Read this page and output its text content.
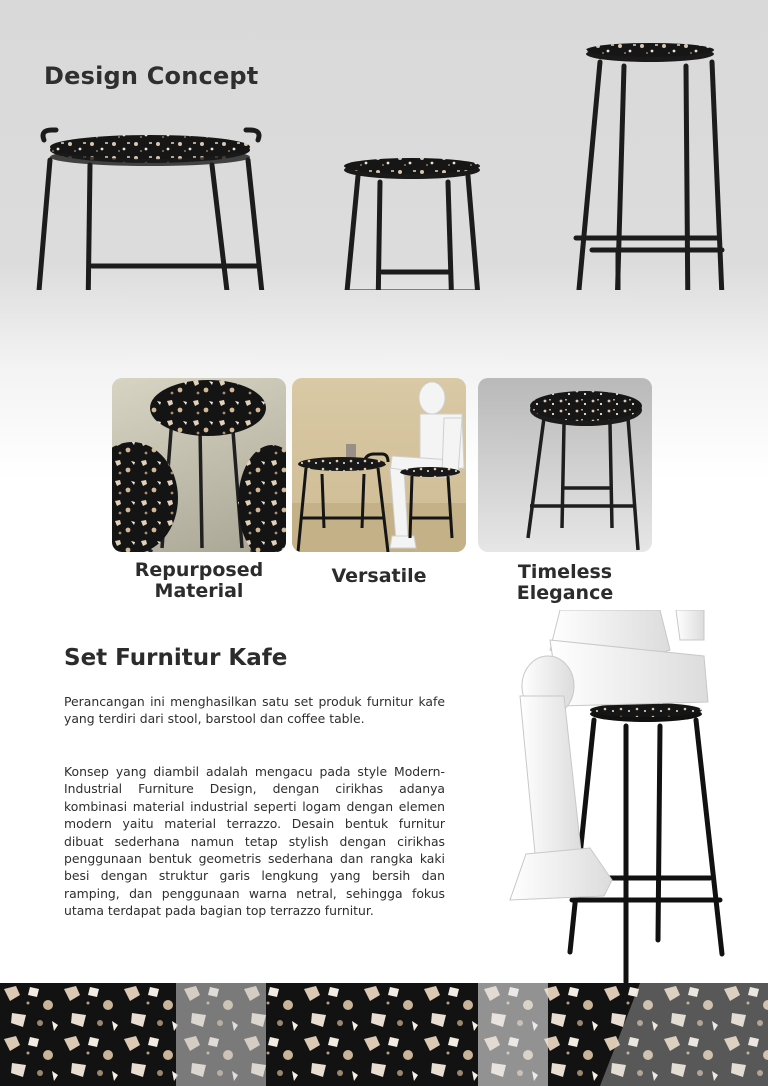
Design Concept
Repurposed
Material
Versatile	Timeless
Elegance
Set Furnitur Kafe

Perancangan ini menghasilkan satu set produk furnitur kafe yang terdiri dari stool, barstool dan coffee table.

Konsep yang diambil adalah mengacu pada style Modern-Industrial Furniture Design, dengan cirikhas adanya kombinasi material industrial seperti logam dengan elemen modern yaitu material terrazzo. Desain bentuk furnitur dibuat sederhana namun tetap stylish dengan cirikhas penggunaan bentuk geometris sederhana dan rangka kaki besi dengan struktur garis lengkung yang bersih dan ramping, dan penggunaan warna netral, sehingga fokus utama terdapat pada bagian top terrazzo furnitur.
